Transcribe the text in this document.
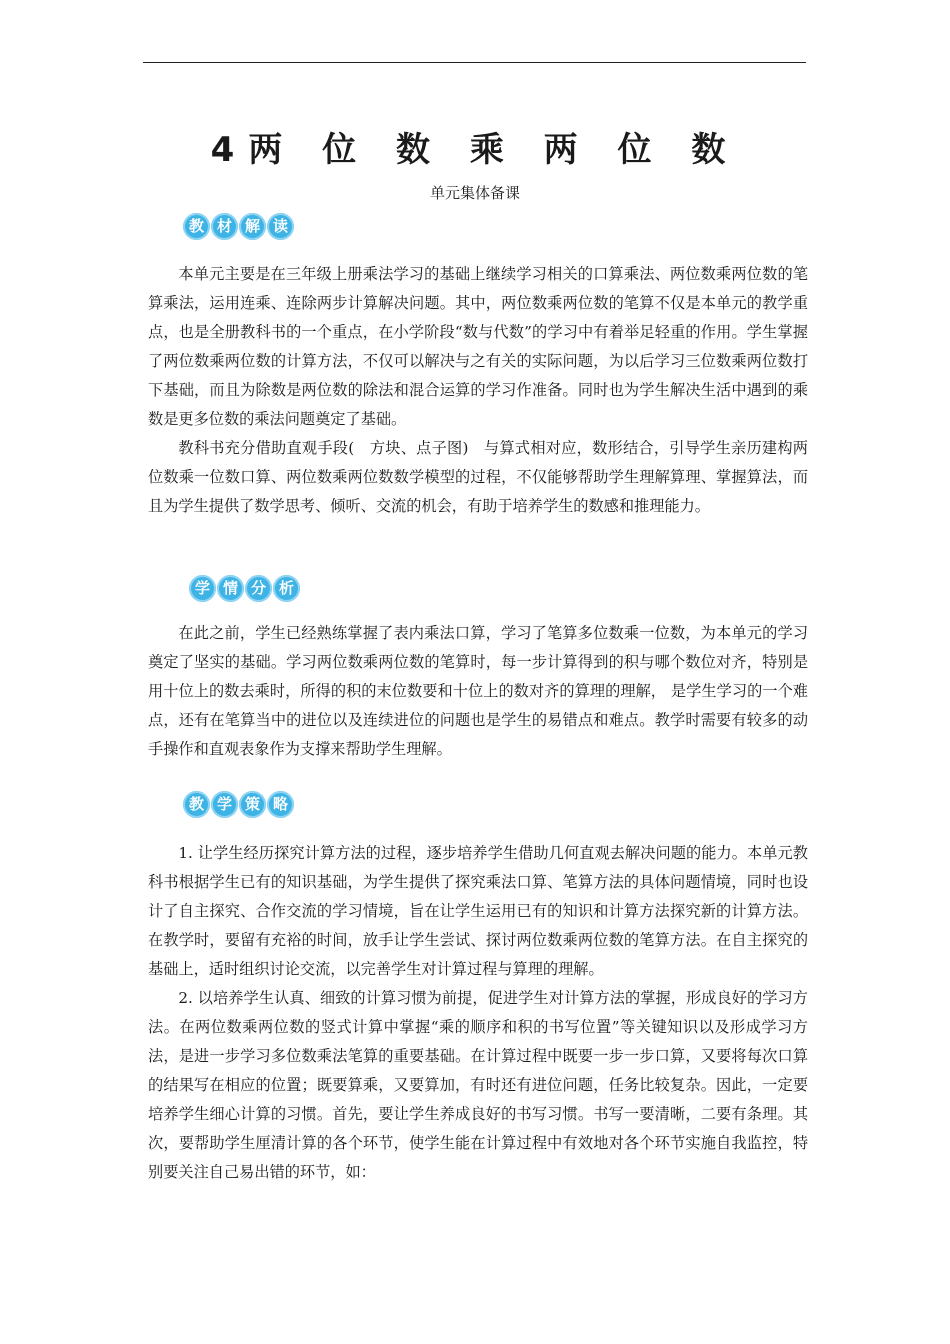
4两 位 数 乘 两 位 数
单元集体备课
教 材 解 读

本单元主要是在三年级上册乘法学习的基础上继续学习相关的口算乘法、两位数乘两位数的笔算乘法，运用连乘、连除两步计算解决问题。其中，两位数乘两位数的笔算不仅是本单元的教学重点，也是全册教科书的一个重点，在小学阶段“数与代数”的学习中有着举足轻重的作用。学生掌握了两位数乘两位数的计算方法，不仅可以解决与之有关的实际问题，为以后学习三位数乘两位数打下基础，而且为除数是两位数的除法和混合运算的学习作准备。同时也为学生解决生活中遇到的乘数是更多位数的乘法问题奠定了基础。

教科书充分借助直观手段(　方块、点子图)　与算式相对应，数形结合，引导学生亲历建构两位数乘一位数口算、两位数乘两位数数学模型的过程，不仅能够帮助学生理解算理、掌握算法，而且为学生提供了数学思考、倾听、交流的机会，有助于培养学生的数感和推理能力。

学 情 分 析

在此之前，学生已经熟练掌握了表内乘法口算，学习了笔算多位数乘一位数，为本单元的学习奠定了坚实的基础。学习两位数乘两位数的笔算时，每一步计算得到的积与哪个数位对齐，特别是用十位上的数去乘时，所得的积的末位数要和十位上的数对齐的算理的理解， 是学生学习的一个难点，还有在笔算当中的进位以及连续进位的问题也是学生的易错点和难点。教学时需要有较多的动手操作和直观表象作为支撑来帮助学生理解。

教 学 策 略

1. 让学生经历探究计算方法的过程，逐步培养学生借助几何直观去解决问题的能力。本单元教科书根据学生已有的知识基础，为学生提供了探究乘法口算、笔算方法的具体问题情境，同时也设计了自主探究、合作交流的学习情境，旨在让学生运用已有的知识和计算方法探究新的计算方法。在教学时，要留有充裕的时间，放手让学生尝试、探讨两位数乘两位数的笔算方法。在自主探究的基础上，适时组织讨论交流，以完善学生对计算过程与算理的理解。

2. 以培养学生认真、细致的计算习惯为前提，促进学生对计算方法的掌握，形成良好的学习方法。在两位数乘两位数的竖式计算中掌握“乘的顺序和积的书写位置”等关键知识以及形成学习方法，是进一步学习多位数乘法笔算的重要基础。在计算过程中既要一步一步口算，又要将每次口算的结果写在相应的位置；既要算乘，又要算加，有时还有进位问题，任务比较复杂。因此，一定要培养学生细心计算的习惯。首先，要让学生养成良好的书写习惯。书写一要清晰，二要有条理。其次，要帮助学生厘清计算的各个环节，使学生能在计算过程中有效地对各个环节实施自我监控，特别要关注自己易出错的环节，如：
